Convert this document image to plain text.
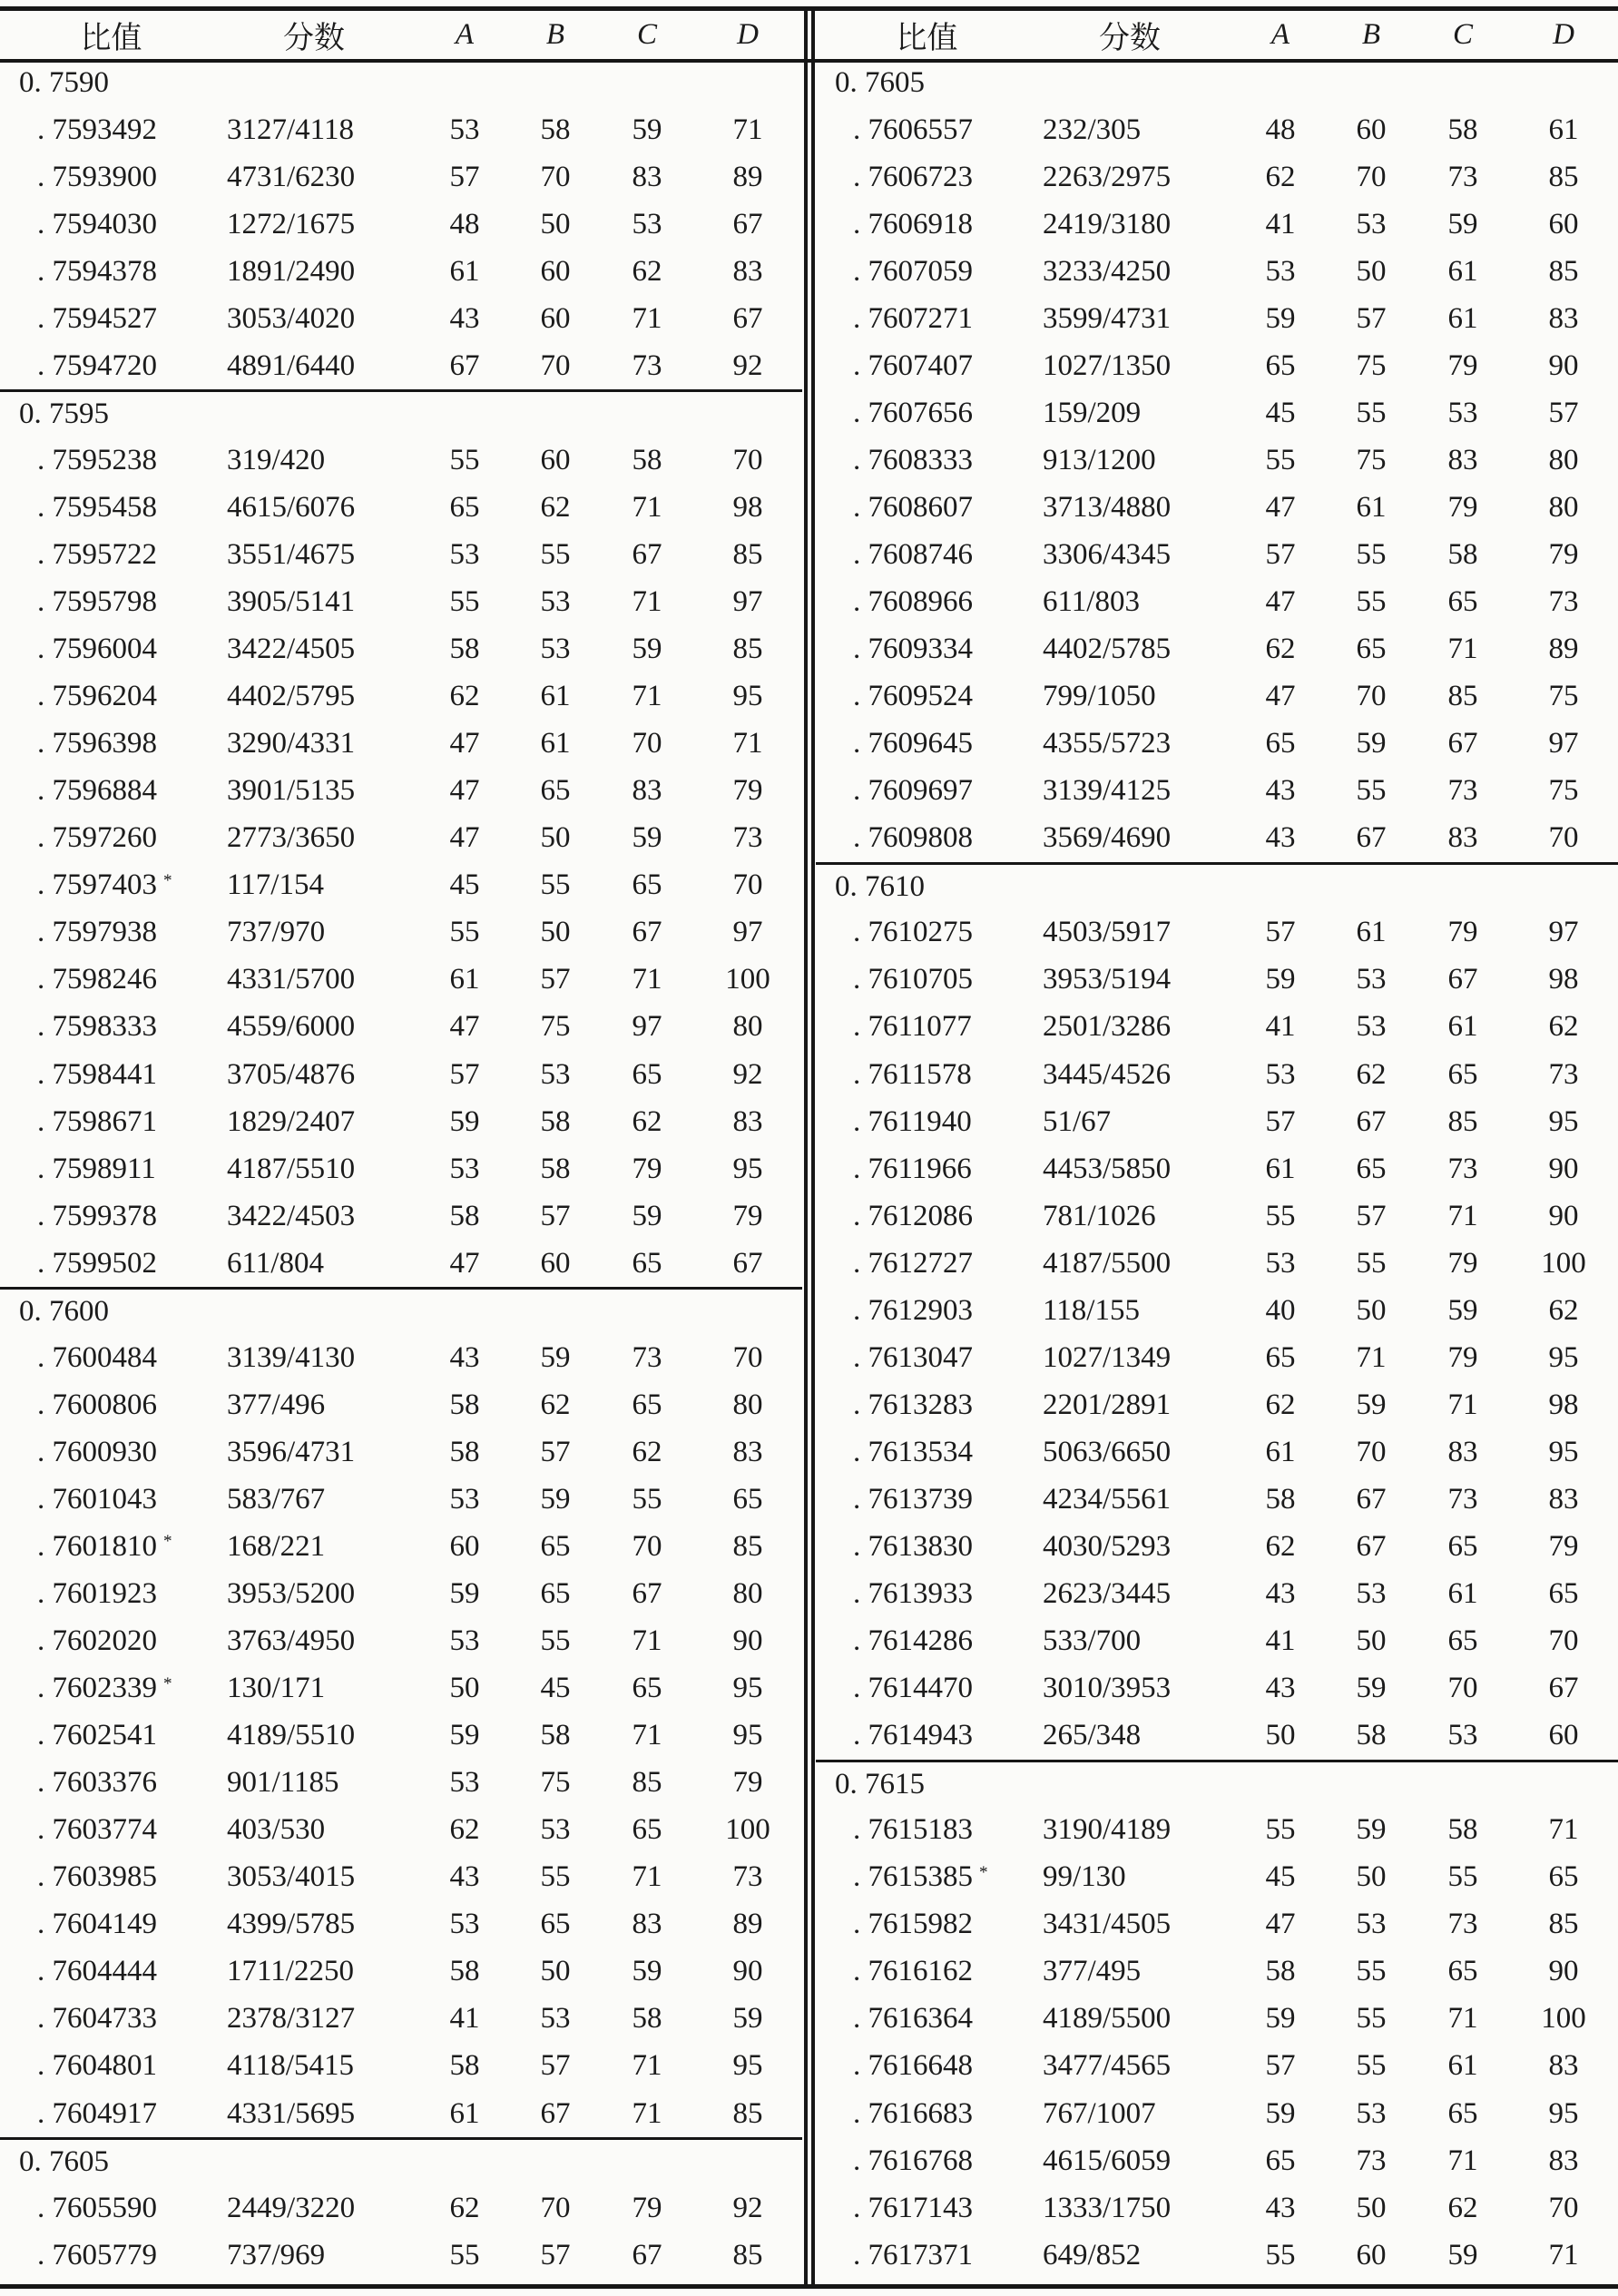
比值	分数	A	B	C	D
0. 7590
. 7593492	3127/4118	53	58	59	71
. 7593900	4731/6230	57	70	83	89
. 7594030	1272/1675	48	50	53	67
. 7594378	1891/2490	61	60	62	83
. 7594527	3053/4020	43	60	71	67
. 7594720	4891/6440	67	70	73	92
0. 7595
. 7595238	319/420	55	60	58	70
. 7595458	4615/6076	65	62	71	98
. 7595722	3551/4675	53	55	67	85
. 7595798	3905/5141	55	53	71	97
. 7596004	3422/4505	58	53	59	85
. 7596204	4402/5795	62	61	71	95
. 7596398	3290/4331	47	61	70	71
. 7596884	3901/5135	47	65	83	79
. 7597260	2773/3650	47	50	59	73
. 7597403 *	117/154	45	55	65	70
. 7597938	737/970	55	50	67	97
. 7598246	4331/5700	61	57	71	100
. 7598333	4559/6000	47	75	97	80
. 7598441	3705/4876	57	53	65	92
. 7598671	1829/2407	59	58	62	83
. 7598911	4187/5510	53	58	79	95
. 7599378	3422/4503	58	57	59	79
. 7599502	611/804	47	60	65	67
0. 7600
. 7600484	3139/4130	43	59	73	70
. 7600806	377/496	58	62	65	80
. 7600930	3596/4731	58	57	62	83
. 7601043	583/767	53	59	55	65
. 7601810 *	168/221	60	65	70	85
. 7601923	3953/5200	59	65	67	80
. 7602020	3763/4950	53	55	71	90
. 7602339 *	130/171	50	45	65	95
. 7602541	4189/5510	59	58	71	95
. 7603376	901/1185	53	75	85	79
. 7603774	403/530	62	53	65	100
. 7603985	3053/4015	43	55	71	73
. 7604149	4399/5785	53	65	83	89
. 7604444	1711/2250	58	50	59	90
. 7604733	2378/3127	41	53	58	59
. 7604801	4118/5415	58	57	71	95
. 7604917	4331/5695	61	67	71	85
0. 7605
. 7605590	2449/3220	62	70	79	92
. 7605779	737/969	55	57	67	85
比值	分数	A	B	C	D
0. 7605
. 7606557	232/305	48	60	58	61
. 7606723	2263/2975	62	70	73	85
. 7606918	2419/3180	41	53	59	60
. 7607059	3233/4250	53	50	61	85
. 7607271	3599/4731	59	57	61	83
. 7607407	1027/1350	65	75	79	90
. 7607656	159/209	45	55	53	57
. 7608333	913/1200	55	75	83	80
. 7608607	3713/4880	47	61	79	80
. 7608746	3306/4345	57	55	58	79
. 7608966	611/803	47	55	65	73
. 7609334	4402/5785	62	65	71	89
. 7609524	799/1050	47	70	85	75
. 7609645	4355/5723	65	59	67	97
. 7609697	3139/4125	43	55	73	75
. 7609808	3569/4690	43	67	83	70
0. 7610
. 7610275	4503/5917	57	61	79	97
. 7610705	3953/5194	59	53	67	98
. 7611077	2501/3286	41	53	61	62
. 7611578	3445/4526	53	62	65	73
. 7611940	51/67	57	67	85	95
. 7611966	4453/5850	61	65	73	90
. 7612086	781/1026	55	57	71	90
. 7612727	4187/5500	53	55	79	100
. 7612903	118/155	40	50	59	62
. 7613047	1027/1349	65	71	79	95
. 7613283	2201/2891	62	59	71	98
. 7613534	5063/6650	61	70	83	95
. 7613739	4234/5561	58	67	73	83
. 7613830	4030/5293	62	67	65	79
. 7613933	2623/3445	43	53	61	65
. 7614286	533/700	41	50	65	70
. 7614470	3010/3953	43	59	70	67
. 7614943	265/348	50	58	53	60
0. 7615
. 7615183	3190/4189	55	59	58	71
. 7615385 *	99/130	45	50	55	65
. 7615982	3431/4505	47	53	73	85
. 7616162	377/495	58	55	65	90
. 7616364	4189/5500	59	55	71	100
. 7616648	3477/4565	57	55	61	83
. 7616683	767/1007	59	53	65	95
. 7616768	4615/6059	65	73	71	83
. 7617143	1333/1750	43	50	62	70
. 7617371	649/852	55	60	59	71
